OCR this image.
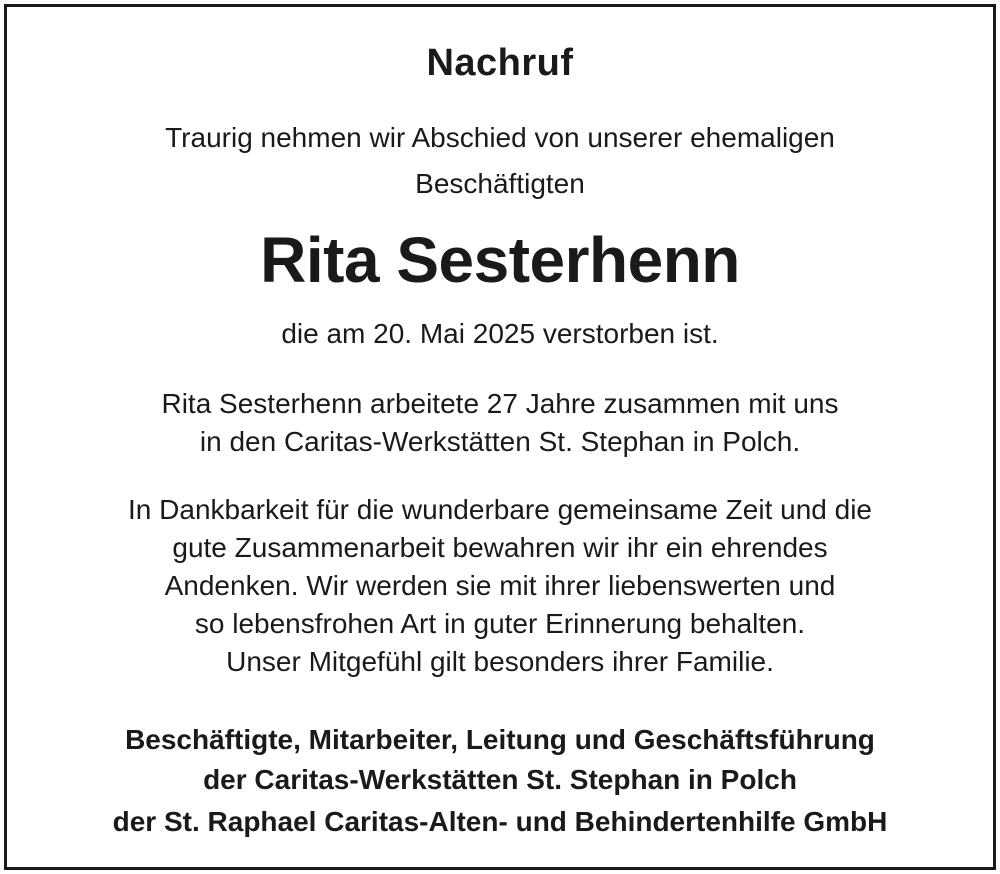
Nachruf
Traurig nehmen wir Abschied von unserer ehemaligen
Beschäftigten
Rita Sesterhenn
die am 20. Mai 2025 verstorben ist.
Rita Sesterhenn arbeitete 27 Jahre zusammen mit uns
in den Caritas-Werkstätten St. Stephan in Polch.
In Dankbarkeit für die wunderbare gemeinsame Zeit und die
gute Zusammenarbeit bewahren wir ihr ein ehrendes
Andenken. Wir werden sie mit ihrer liebenswerten und
so lebensfrohen Art in guter Erinnerung behalten.
Unser Mitgefühl gilt besonders ihrer Familie.
Beschäftigte, Mitarbeiter, Leitung und Geschäftsführung
der Caritas-Werkstätten St. Stephan in Polch
der St. Raphael Caritas-Alten- und Behindertenhilfe GmbH
